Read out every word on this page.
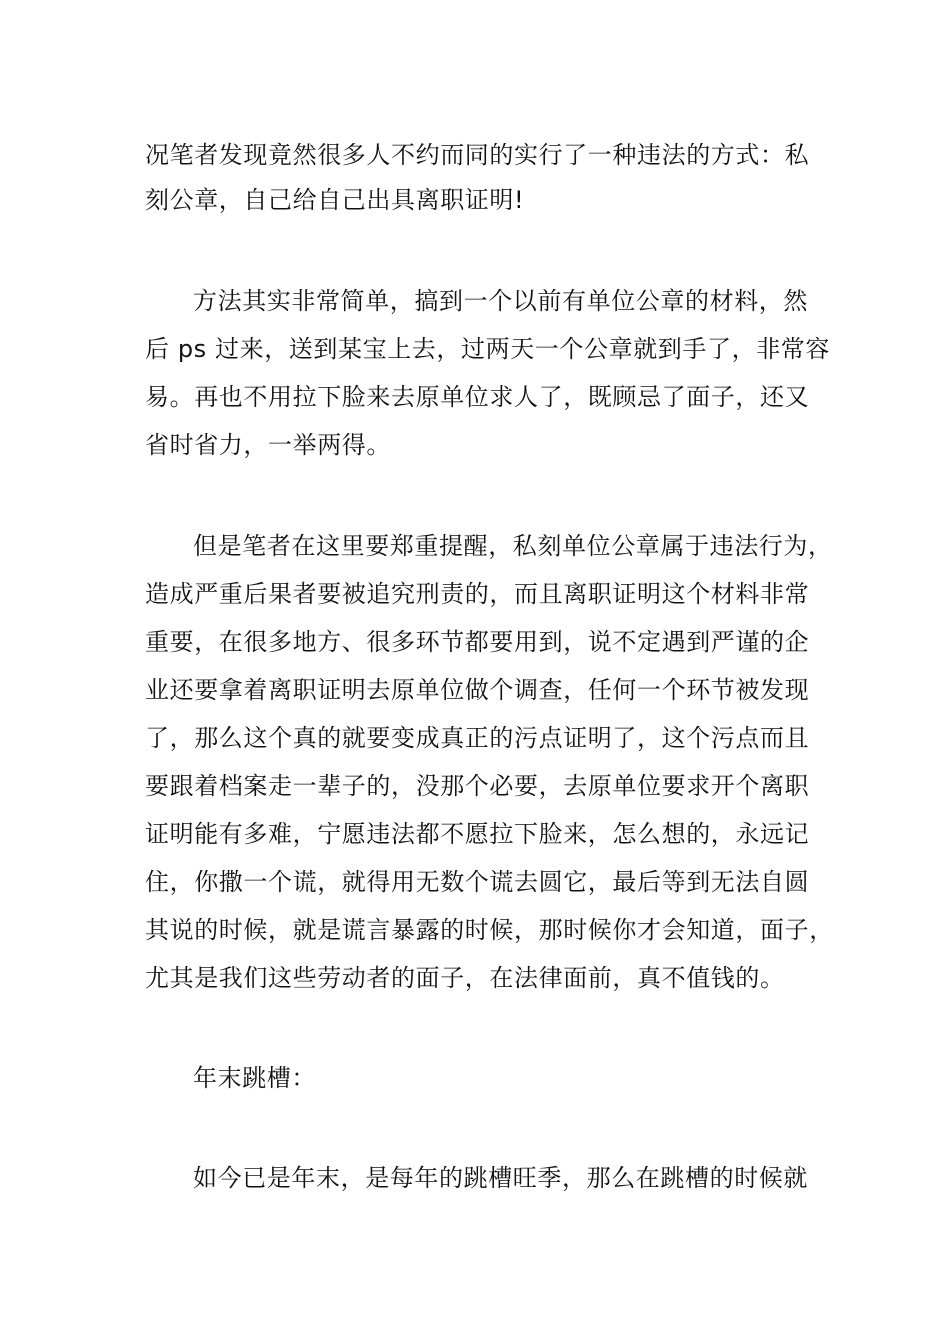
况笔者发现竟然很多人不约而同的实行了一种违法的方式：私
刻公章，自己给自己出具离职证明!
方法其实非常简单，搞到一个以前有单位公章的材料，然
后 ps 过来，送到某宝上去，过两天一个公章就到手了，非常容
易。再也不用拉下脸来去原单位求人了，既顾忌了面子，还又
省时省力，一举两得。
但是笔者在这里要郑重提醒，私刻单位公章属于违法行为，
造成严重后果者要被追究刑责的，而且离职证明这个材料非常
重要，在很多地方、很多环节都要用到，说不定遇到严谨的企
业还要拿着离职证明去原单位做个调查，任何一个环节被发现
了，那么这个真的就要变成真正的污点证明了，这个污点而且
要跟着档案走一辈子的，没那个必要，去原单位要求开个离职
证明能有多难，宁愿违法都不愿拉下脸来，怎么想的，永远记
住，你撒一个谎，就得用无数个谎去圆它，最后等到无法自圆
其说的时候，就是谎言暴露的时候，那时候你才会知道，面子，
尤其是我们这些劳动者的面子，在法律面前，真不值钱的。
年末跳槽：
如今已是年末，是每年的跳槽旺季，那么在跳槽的时候就
